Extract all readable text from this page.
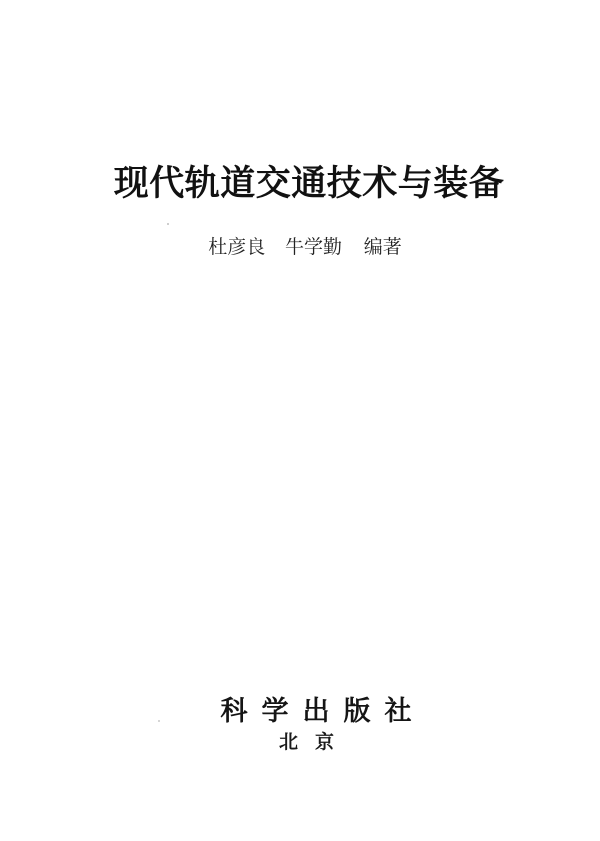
现代轨道交通技术与装备
杜彦良 牛学勤 编著
科学出版社
北京
